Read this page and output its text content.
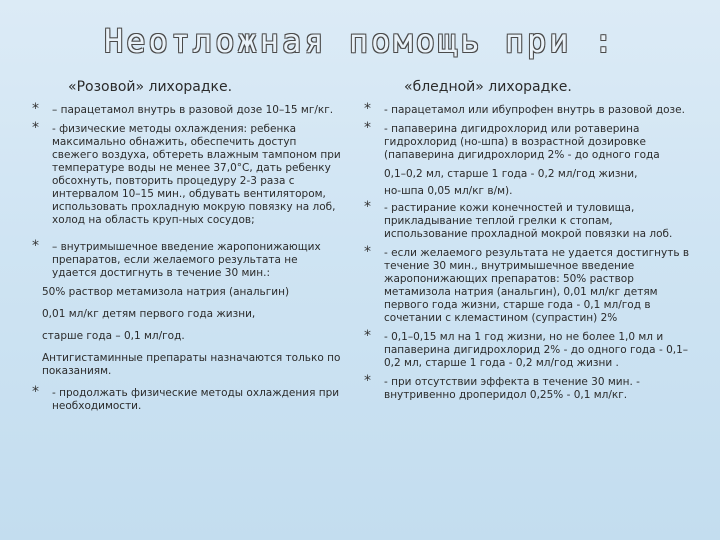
Неотложная помощь при :
«Розовой» лихорадке.
* – парацетамол внутрь в разовой дозе 10–15 мг/кг.
* - физические методы охлаждения: ребенка максимально обнажить, обеспечить доступ свежего воздуха, обтереть влажным тампоном при температуре воды не менее 37,0°С, дать ребенку обсохнуть, повторить процедуру 2-3 раза с интервалом 10–15 мин., обдувать вентилятором, использовать прохладную мокрую повязку на лоб, холод на область круп-ных сосудов;
* – внутримышечное введение жаропонижающих препаратов, если желаемого результата не удается достигнуть в течение 30 мин.:
50% раствор метамизола натрия (анальгин)
0,01 мл/кг детям первого года жизни,
старше года – 0,1 мл/год.
Антигистаминные препараты назначаются только по показаниям.
* - продолжать физические методы охлаждения при необходимости.
«бледной» лихорадке.
* - парацетамол или ибупрофен внутрь в разовой дозе.
* - папаверина дигидрохлорид или ротаверина гидрохлорид (но-шпа) в возрастной дозировке (папаверина дигидрохлорид 2% - до одного года
0,1–0,2 мл, старше 1 года - 0,2 мл/год жизни,
но-шпа 0,05 мл/кг в/м).
* - растирание кожи конечностей и туловища, прикладывание теплой грелки к стопам, использование прохладной мокрой повязки на лоб.
* - если желаемого результата не удается достигнуть в течение 30 мин., внутримышечное введение жаропонижающих препаратов: 50% раствор метамизола натрия (анальгин), 0,01 мл/кг детям первого года жизни, старше года - 0,1 мл/год в сочетании с клемастином (супрастин) 2%
* - 0,1–0,15 мл на 1 год жизни, но не более 1,0 мл и папаверина дигидрохлорид 2% - до одного года - 0,1–0,2 мл, старше 1 года - 0,2 мл/год жизни .
* - при отсутствии эффекта в течение 30 мин. - внутривенно дроперидол 0,25% - 0,1 мл/кг.
